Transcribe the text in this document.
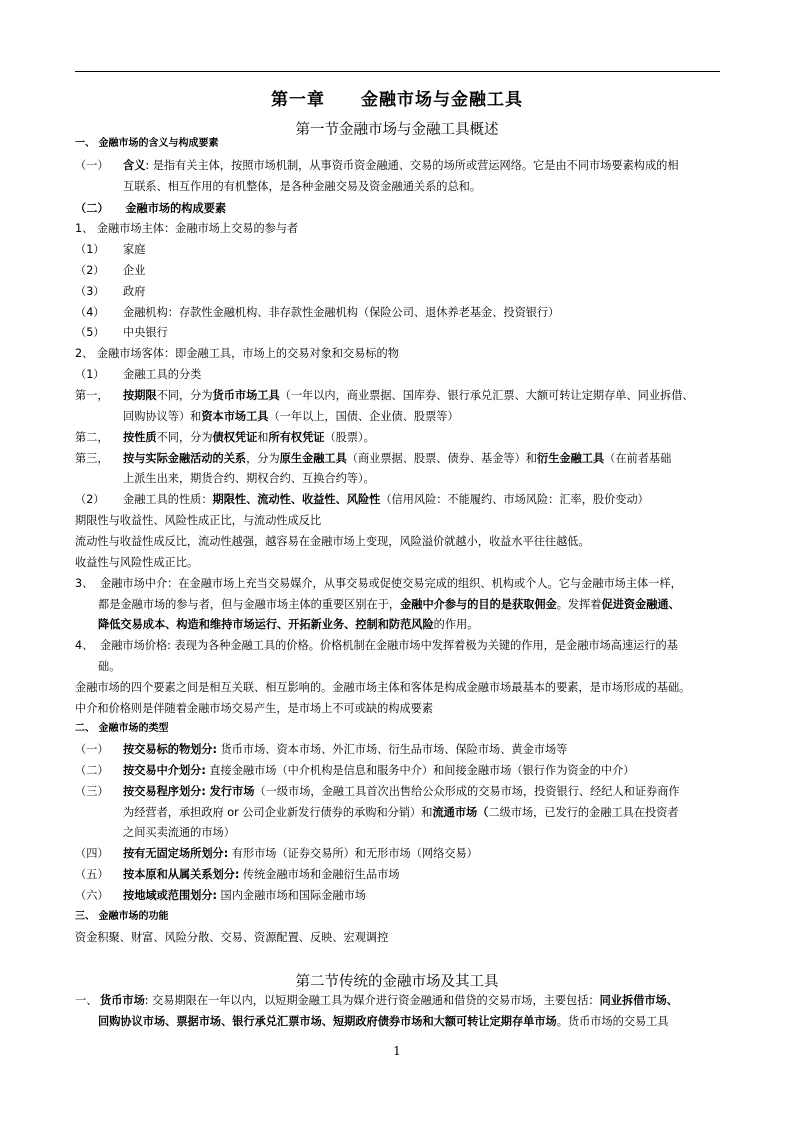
第一章　　金融市场与金融工具
第一节金融市场与金融工具概述
一、 金融市场的含义与构成要素
（一） 含义: 是指有关主体，按照市场机制，从事资币资金融通、交易的场所或营运网络。它是由不同市场要素构成的相
互联系、相互作用的有机整体，是各种金融交易及资金融通关系的总和。
（二）　　金融市场的构成要素
1、 金融市场主体：金融市场上交易的参与者
（1） 家庭
（2） 企业
（3） 政府
（4） 金融机构：存款性金融机构、非存款性金融机构（保险公司、退休养老基金、投资银行）
（5） 中央银行
2、 金融市场客体：即金融工具，市场上的交易对象和交易标的物
（1） 金融工具的分类
第一， 按期限不同，分为货币市场工具（一年以内，商业票据、国库券、银行承兑汇票、大额可转让定期存单、同业拆借、
回购协议等）和资本市场工具（一年以上，国债、企业债、股票等）
第二， 按性质不同，分为债权凭证和所有权凭证（股票）。
第三， 按与实际金融活动的关系，分为原生金融工具（商业票据、股票、债券、基金等）和衍生金融工具（在前者基础
上派生出来，期货合约、期权合约、互换合约等）。
（2） 金融工具的性质：期限性、流动性、收益性、风险性（信用风险：不能履约、市场风险：汇率，股价变动）
期限性与收益性、风险性成正比，与流动性成反比
流动性与收益性成反比，流动性越强，越容易在金融市场上变现，风险溢价就越小，收益水平往往越低。
收益性与风险性成正比。
3、 金融市场中介：在金融市场上充当交易媒介，从事交易或促使交易完成的组织、机构或个人。它与金融市场主体一样，
都是金融市场的参与者，但与金融市场主体的重要区别在于，金融中介参与的目的是获取佣金。发挥着促进资金融通、
降低交易成本、构造和维持市场运行、开拓新业务、控制和防范风险的作用。
4、 金融市场价格: 表现为各种金融工具的价格。价格机制在金融市场中发挥着极为关键的作用，是金融市场高速运行的基
础。
金融市场的四个要素之间是相互关联、相互影响的。金融市场主体和客体是构成金融市场最基本的要素，是市场形成的基础。
中介和价格则是伴随着金融市场交易产生，是市场上不可或缺的构成要素
二、 金融市场的类型
（一） 按交易标的物划分: 货币市场、资本市场、外汇市场、衍生品市场、保险市场、黄金市场等
（二） 按交易中介划分: 直接金融市场（中介机构是信息和服务中介）和间接金融市场（银行作为资金的中介）
（三） 按交易程序划分: 发行市场（一级市场，金融工具首次出售给公众形成的交易市场，投资银行、经纪人和证券商作
为经营者，承担政府 or 公司企业新发行债券的承购和分销）和流通市场（二级市场，已发行的金融工具在投资者
之间买卖流通的市场）
（四） 按有无固定场所划分: 有形市场（证券交易所）和无形市场（网络交易）
（五） 按本原和从属关系划分: 传统金融市场和金融衍生品市场
（六） 按地域或范围划分: 国内金融市场和国际金融市场
三、 金融市场的功能
资金积聚、财富、风险分散、交易、资源配置、反映、宏观调控
第二节传统的金融市场及其工具
一、 货币市场: 交易期限在一年以内，以短期金融工具为媒介进行资金融通和借贷的交易市场，主要包括：同业拆借市场、
回购协议市场、票据市场、银行承兑汇票市场、短期政府债券市场和大额可转让定期存单市场。货币市场的交易工具
1
